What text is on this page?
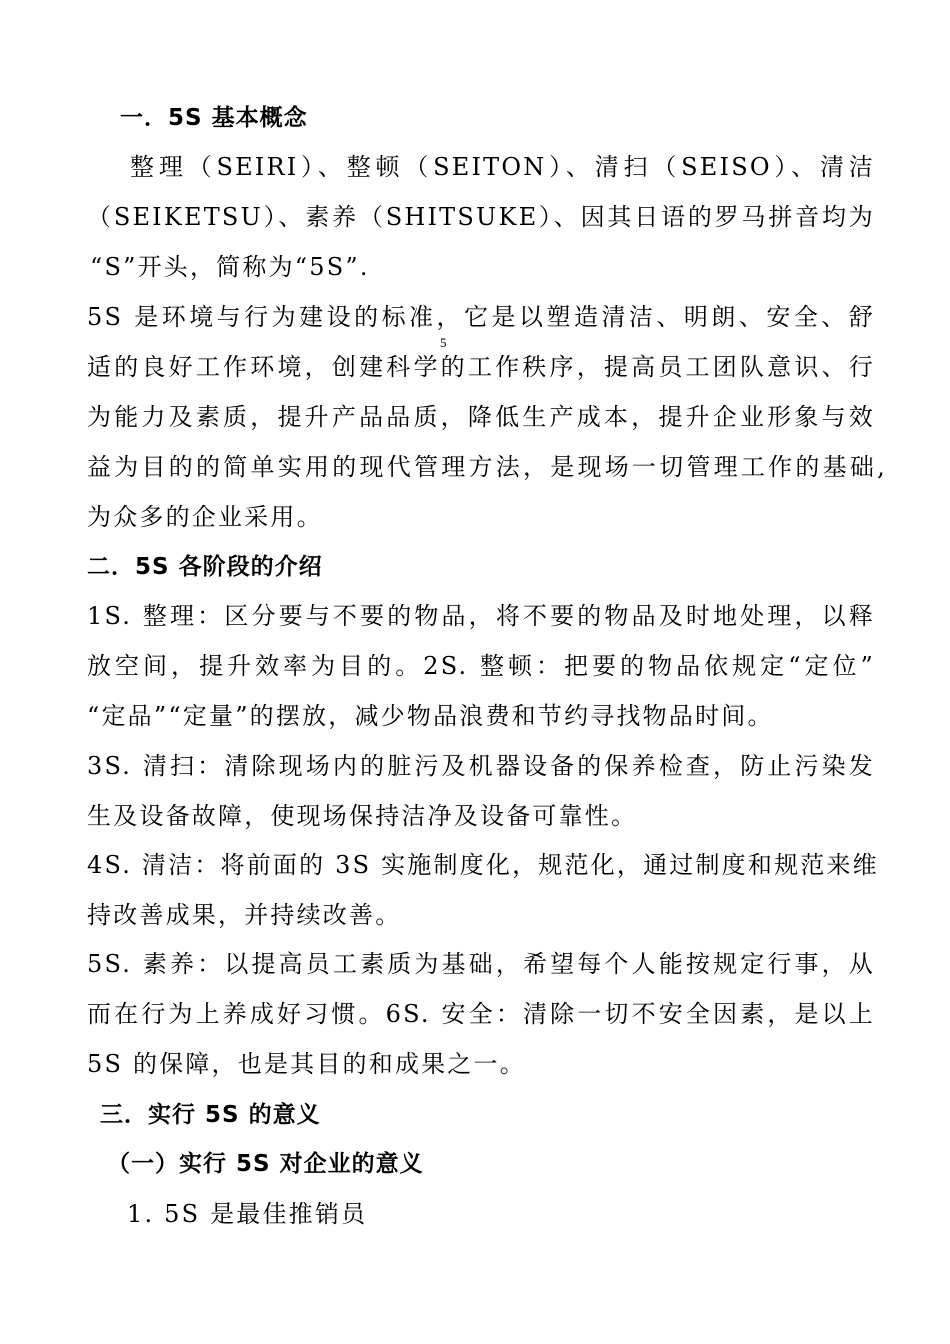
一．5S 基本概念
整理（SEIRI）、整顿（SEITON）、清扫（SEISO）、清洁
（SEIKETSU）、素养（SHITSUKE）、因其日语的罗马拼音均为
“S”开头，简称为“5S”.
5S 是环境与行为建设的标准，它是以塑造清洁、明朗、安全、舒
5
适的良好工作环境，创建科学的工作秩序，提高员工团队意识、行
为能力及素质，提升产品品质，降低生产成本，提升企业形象与效
益为目的的简单实用的现代管理方法，是现场一切管理工作的基础,
为众多的企业采用。
二．5S 各阶段的介绍
1S. 整理：区分要与不要的物品，将不要的物品及时地处理，以释
放空间，提升效率为目的。2S. 整顿：把要的物品依规定“定位”
“定品”“定量”的摆放，减少物品浪费和节约寻找物品时间。
3S. 清扫：清除现场内的脏污及机器设备的保养检查，防止污染发
生及设备故障，使现场保持洁净及设备可靠性。
4S. 清洁：将前面的 3S 实施制度化，规范化，通过制度和规范来维
持改善成果，并持续改善。
5S. 素养：以提高员工素质为基础，希望每个人能按规定行事，从
而在行为上养成好习惯。6S. 安全：清除一切不安全因素，是以上
5S 的保障，也是其目的和成果之一。
三．实行 5S 的意义
（一）实行 5S 对企业的意义
1. 5S 是最佳推销员
